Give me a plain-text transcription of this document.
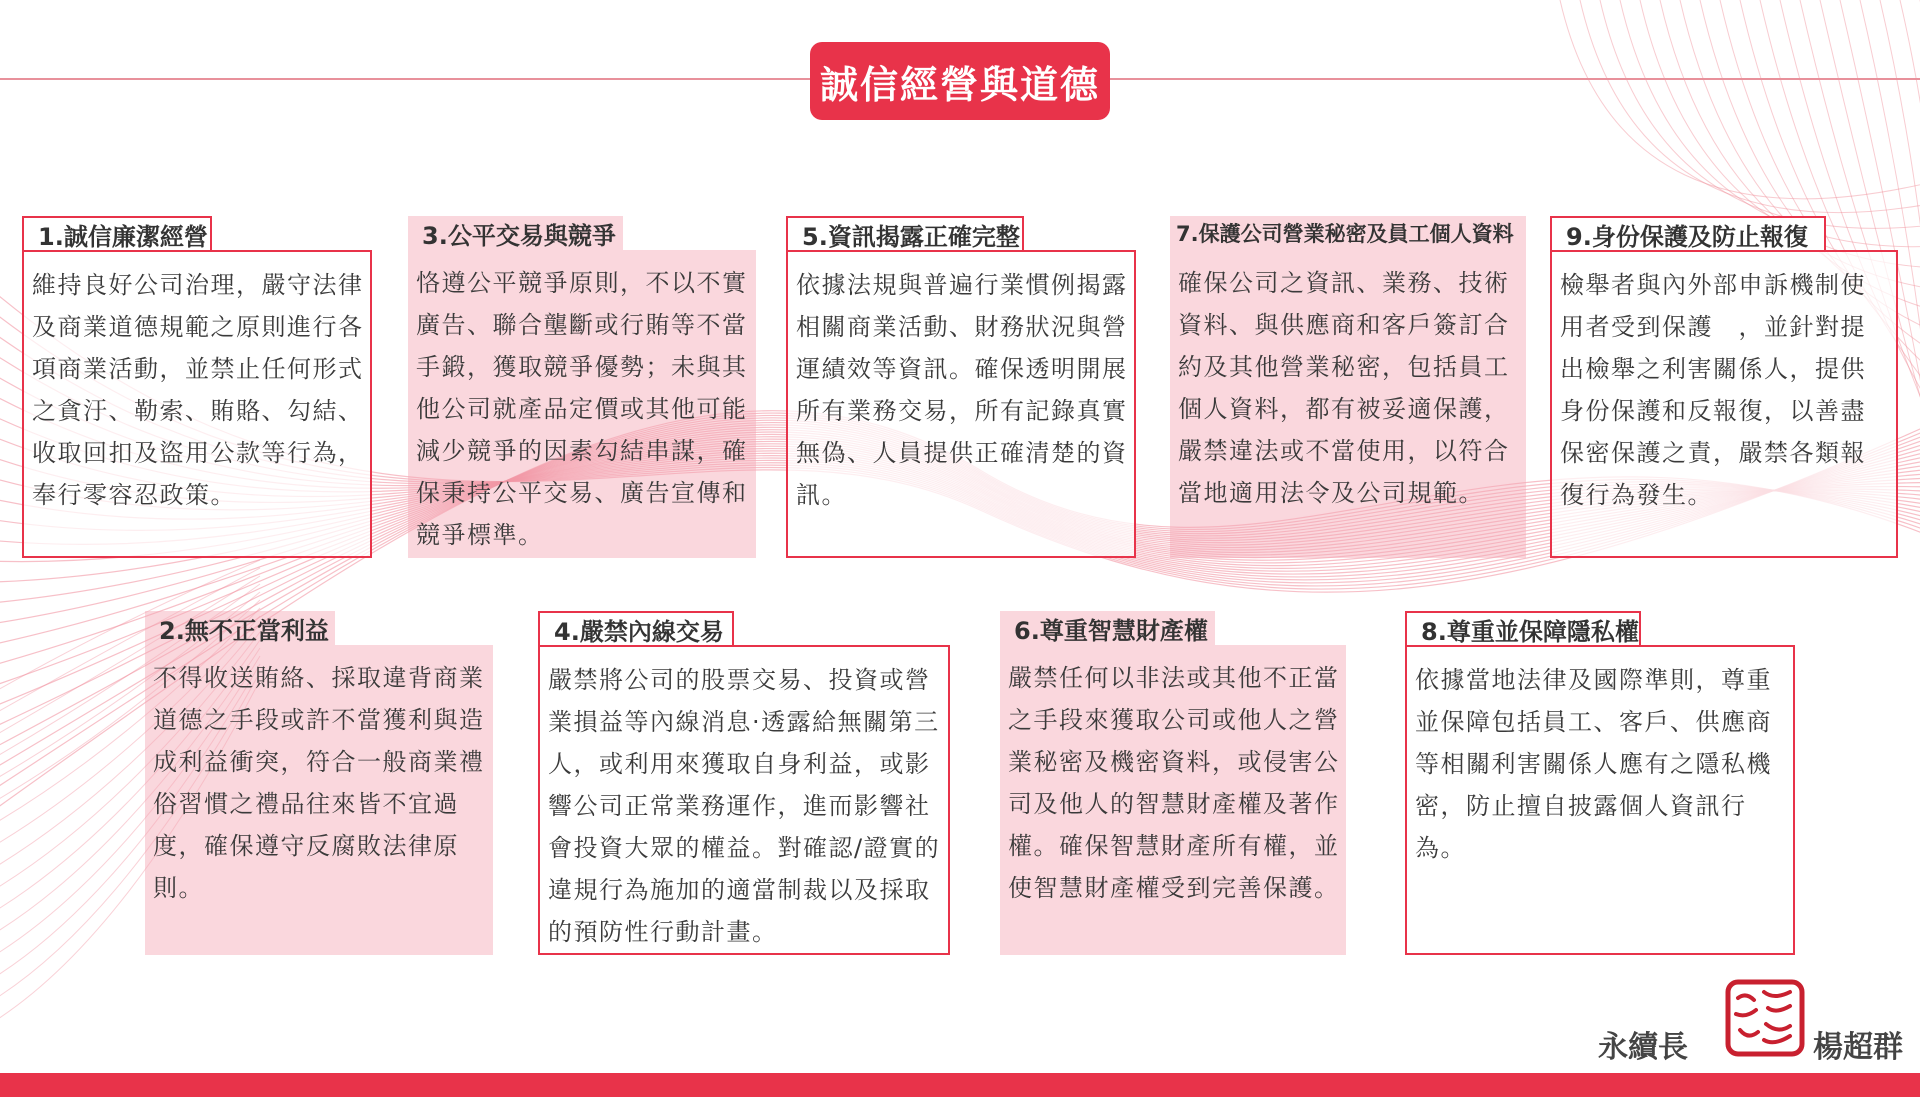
誠信經營與道德
1.誠信廉潔經營
維持良好公司治理，嚴守法律及商業道德規範之原則進行各項商業活動，並禁止任何形式之貪汙、勒索、賄賂、勾結、收取回扣及盜用公款等行為，奉行零容忍政策。
3.公平交易與競爭
恪遵公平競爭原則，不以不實廣告、聯合壟斷或行賄等不當手鍛，獲取競爭優勢；未與其他公司就產品定價或其他可能減少競爭的因素勾結串謀，確保秉持公平交易、廣告宣傳和競爭標準。
5.資訊揭露正確完整
依據法規與普遍行業慣例揭露相關商業活動、財務狀況與營運績效等資訊。確保透明開展所有業務交易，所有記錄真實無偽、人員提供正確清楚的資訊。
7.保護公司營業秘密及員工個人資料
確保公司之資訊、業務、技術資料、與供應商和客戶簽訂合約及其他營業秘密，包括員工個人資料，都有被妥適保護，嚴禁違法或不當使用，以符合當地適用法令及公司規範。
9.身份保護及防止報復
檢舉者與內外部申訴機制使用者受到保護　，並針對提出檢舉之利害關係人，提供身份保護和反報復，以善盡保密保護之責，嚴禁各類報復行為發生。
2.無不正當利益
不得收送賄絡、採取違背商業道德之手段或許不當獲利與造成利益衝突，符合一般商業禮俗習慣之禮品往來皆不宜過度，確保遵守反腐敗法律原則。
4.嚴禁內線交易
嚴禁將公司的股票交易、投資或營業損益等內線消息·透露給無關第三人，或利用來獲取自身利益，或影響公司正常業務運作，進而影響社會投資大眾的權益。對確認/證實的違規行為施加的適當制裁以及採取的預防性行動計畫。
6.尊重智慧財產權
嚴禁任何以非法或其他不正當之手段來獲取公司或他人之營業秘密及機密資料，或侵害公司及他人的智慧財產權及著作權。確保智慧財產所有權，並使智慧財產權受到完善保護。
8.尊重並保障隱私權
依據當地法律及國際準則，尊重並保障包括員工、客戶、供應商等相關利害關係人應有之隱私機密，防止擅自披露個人資訊行為。
永續長	楊超群
